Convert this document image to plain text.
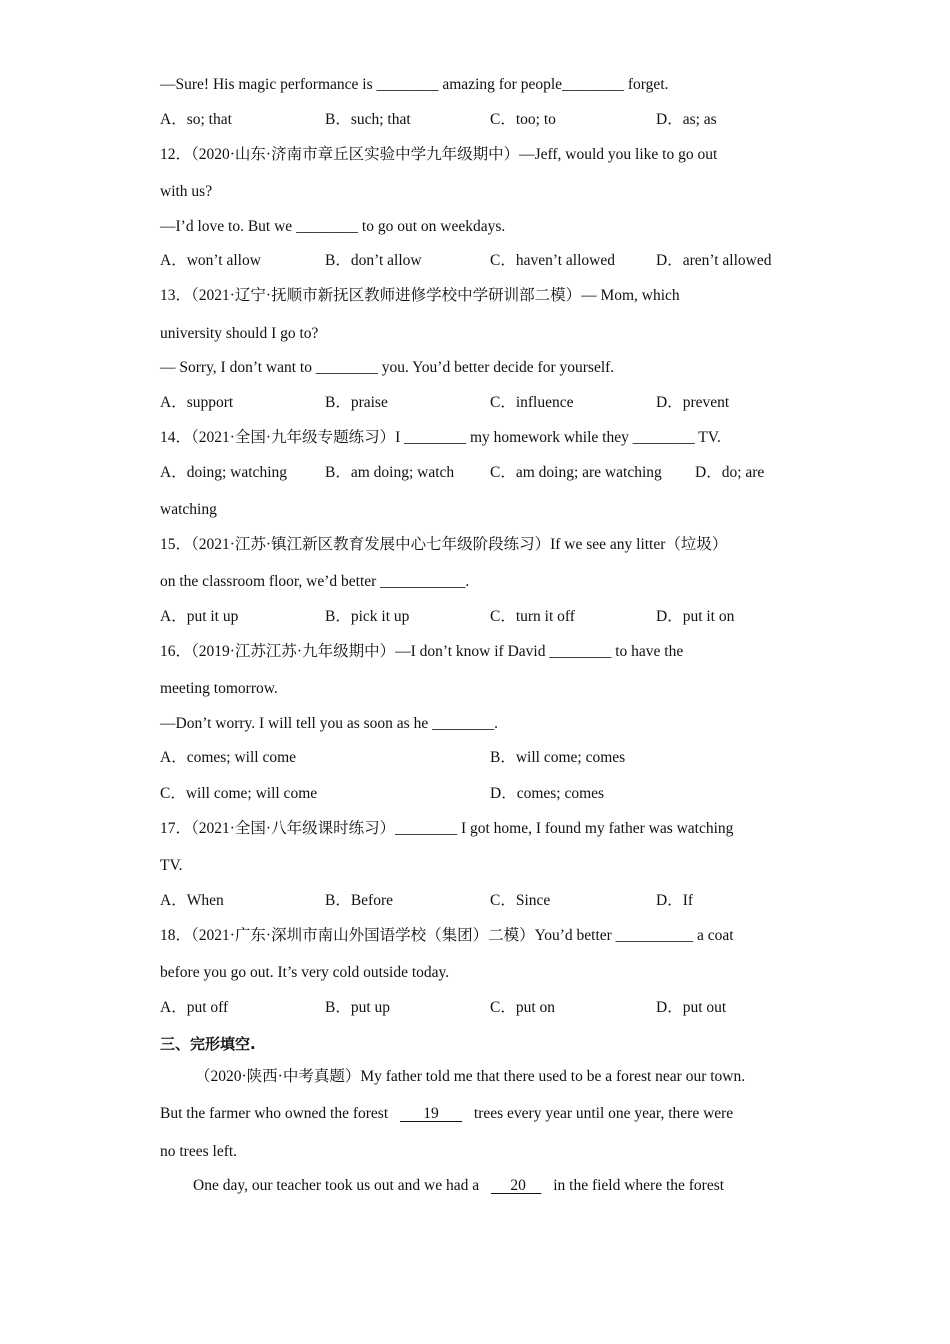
—Sure! His magic performance is ________ amazing for people________ forget.
A．so; that	B．such; that	C．too; to	D．as; as
12．（2020·山东·济南市章丘区实验中学九年级期中）—Jeff, would you like to go out
with us?
—I’d love to. But we ________ to go out on weekdays.
A．won’t allow	B．don’t allow	C．haven’t allowed	D．aren’t allowed
13．（2021·辽宁·抚顺市新抚区教师进修学校中学研训部二模）— Mom, which
university should I go to?
— Sorry, I don’t want to ________ you. You’d better decide for yourself.
A．support	B．praise	C．influence	D．prevent
14．（2021·全国·九年级专题练习）I ________ my homework while they ________ TV.
A．doing; watching B．am doing; watch C．am doing; are watching D．do; are
watching
15．（2021·江苏·镇江新区教育发展中心七年级阶段练习）If we see any litter（垃圾）
on the classroom floor, we’d better ___________.
A．put it up	B．pick it up	C．turn it off	D．put it on
16．（2019·江苏江苏·九年级期中）—I don’t know if David ________ to have the
meeting tomorrow.
—Don’t worry. I will tell you as soon as he ________.
A．comes; will come	B．will come; comes
C．will come; will come	D．comes; comes
17．（2021·全国·八年级课时练习）________ I got home, I found my father was watching
TV.
A．When	B．Before	C．Since	D．If
18．（2021·广东·深圳市南山外国语学校（集团）二模）You’d better __________ a coat
before you go out. It’s very cold outside today.
A．put off	B．put up	C．put on	D．put out
三、完形填空.
（2020·陕西·中考真题）My father told me that there used to be a forest near our town.
But the farmer who owned the forest 19 trees every year until one year, there were
no trees left.
One day, our teacher took us out and we had a 20 in the field where the forest
